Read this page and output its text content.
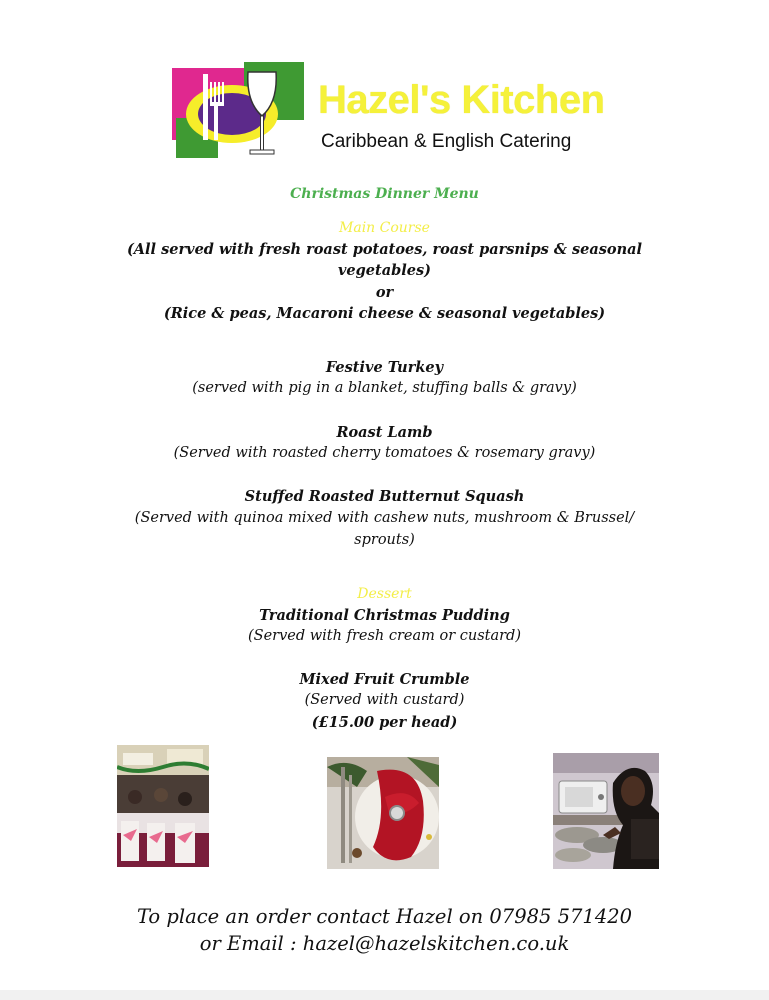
Hazel's Kitchen
Caribbean & English Catering
Christmas Dinner Menu
Main Course
(All served with fresh roast potatoes, roast parsnips & seasonal
vegetables)
or
(Rice & peas, Macaroni cheese & seasonal vegetables)
Festive Turkey
(served with pig in a blanket, stuffing balls & gravy)
Roast Lamb
(Served with roasted cherry tomatoes & rosemary gravy)
Stuffed Roasted Butternut Squash
(Served with quinoa mixed with cashew nuts, mushroom & Brussel/
sprouts)
Dessert
Traditional Christmas Pudding
(Served with fresh cream or custard)
Mixed Fruit Crumble
(Served with custard)
(£15.00 per head)
To place an order contact Hazel on 07985 571420
or Email : hazel@hazelskitchen.co.uk
